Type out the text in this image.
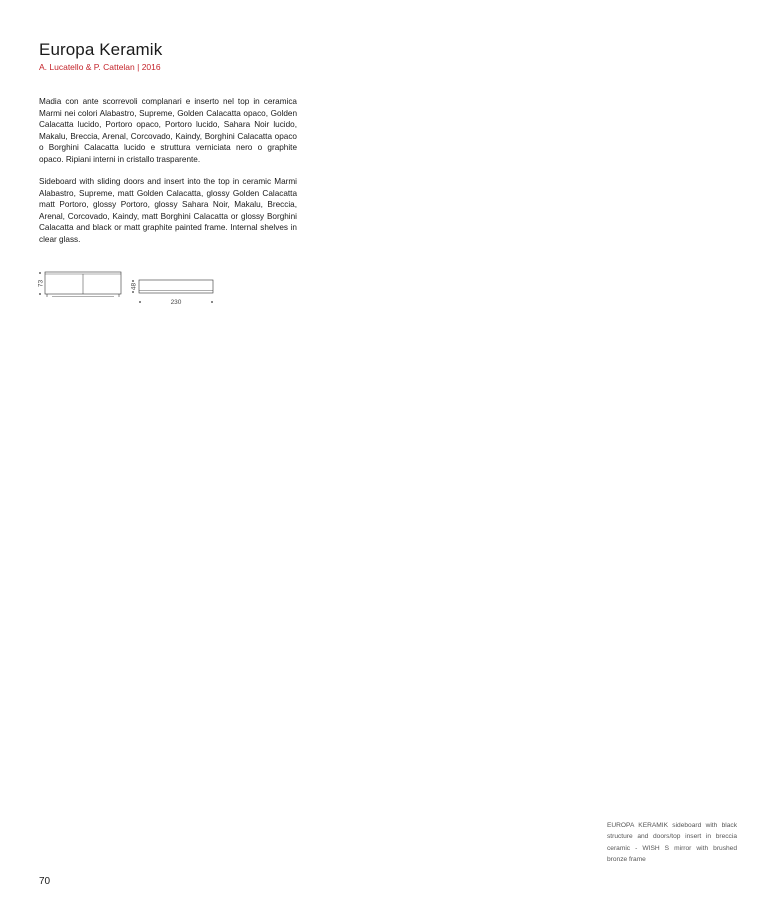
Europa Keramik

A. Lucatello & P. Cattelan | 2016

Madia con ante scorrevoli complanari e inserto nel top in ceramica Marmi nei colori Alabastro, Supreme, Golden Calacatta opaco, Golden Calacatta lucido, Portoro opaco, Portoro lucido, Sahara Noir lucido, Makalu, Breccia, Arenal, Corcovado, Kaindy, Borghini Calacatta opaco o Borghini Calacatta lucido e struttura verniciata nero o graphite opaco. Ripiani interni in cristallo trasparente.

Sideboard with sliding doors and insert into the top in ceramic Marmi Alabastro, Supreme, matt Golden Calacatta, glossy Golden Calacatta matt Portoro, glossy Portoro, glossy Sahara Noir, Makalu, Breccia, Arenal, Corcovado, Kaindy, matt Borghini Calacatta or glossy Borghini Calacatta and black or matt graphite painted frame. Internal shelves in clear glass.

73	48
230

EUROPA KERAMIK sideboard with black structure and doors/top insert in breccia ceramic - WISH S mirror with brushed bronze frame

70
